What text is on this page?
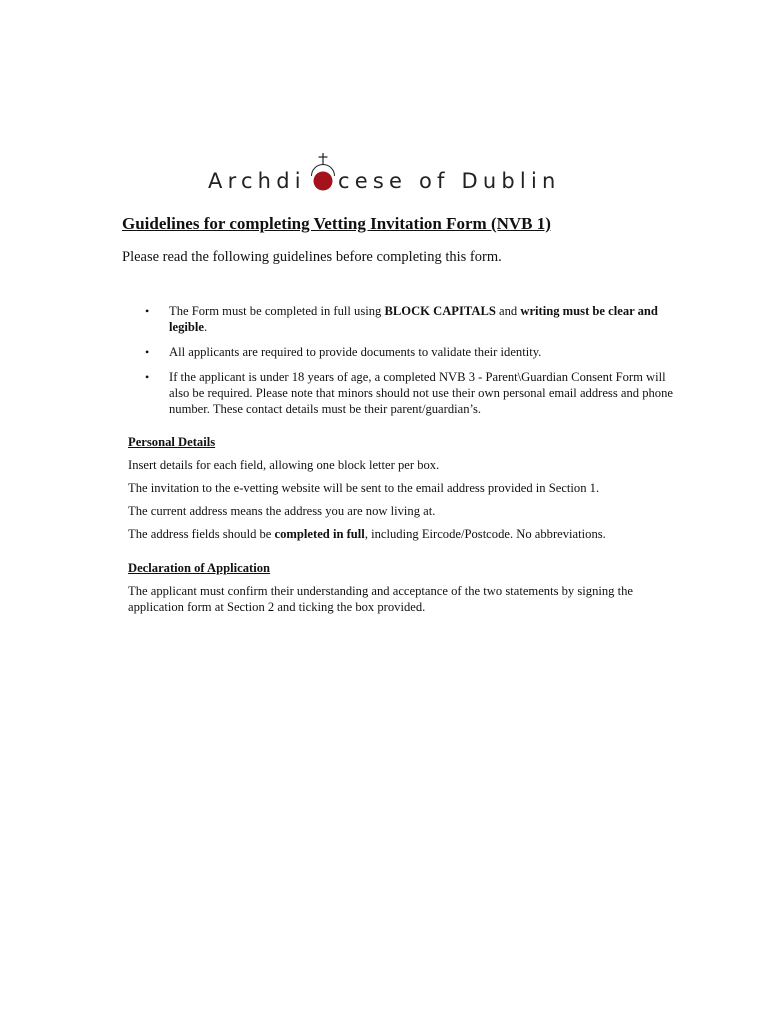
Archdi cese of Dublin
Guidelines for completing Vetting Invitation Form (NVB 1)
Please read the following guidelines before completing this form.
• The Form must be completed in full using BLOCK CAPITALS and writing must be clear and legible.
• All applicants are required to provide documents to validate their identity.
• If the applicant is under 18 years of age, a completed NVB 3 - Parent\Guardian Consent Form will also be required. Please note that minors should not use their own personal email address and phone number. These contact details must be their parent/guardian’s.
Personal Details

Insert details for each field, allowing one block letter per box.

The invitation to the e-vetting website will be sent to the email address provided in Section 1.

The current address means the address you are now living at.

The address fields should be completed in full, including Eircode/Postcode. No abbreviations.

Declaration of Application

The applicant must confirm their understanding and acceptance of the two statements by signing the application form at Section 2 and ticking the box provided.
